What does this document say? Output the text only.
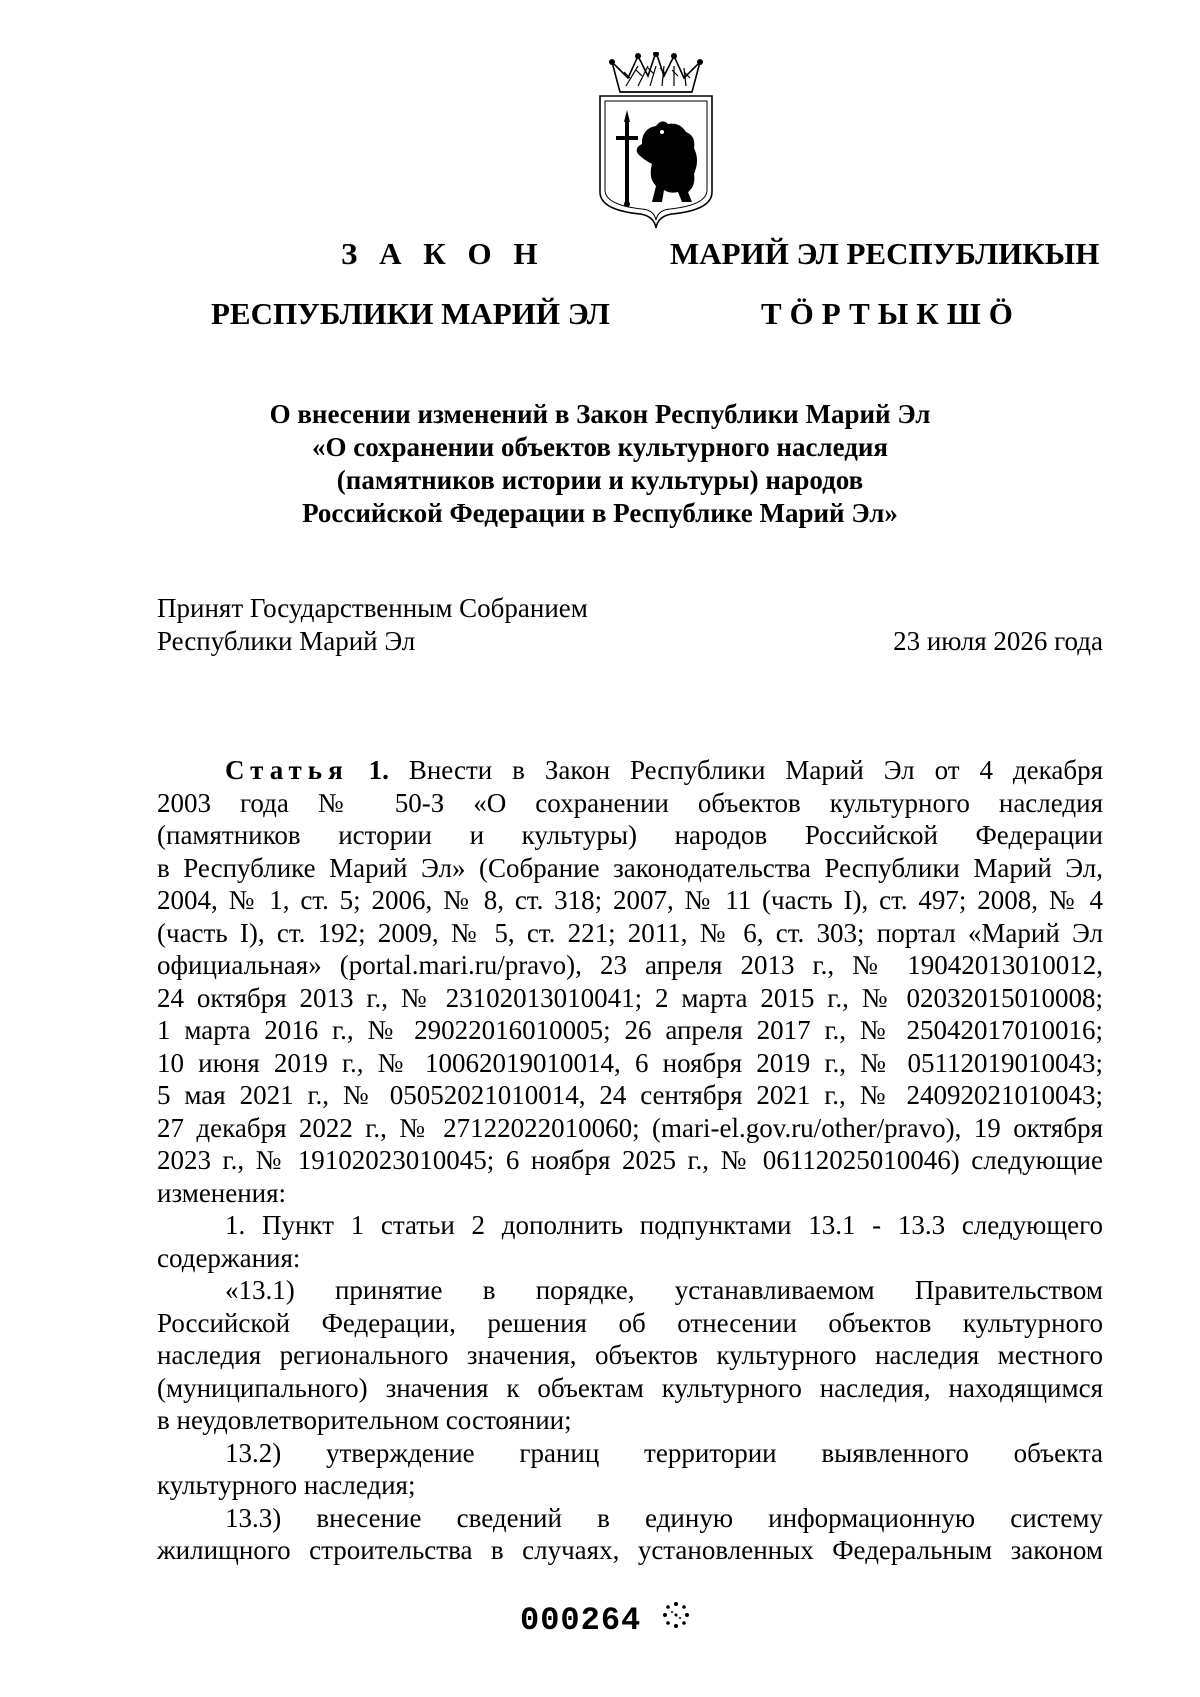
З А К О Н
РЕСПУБЛИКИ МАРИЙ ЭЛ
МАРИЙ ЭЛ РЕСПУБЛИКЫН
ТӦРТЫКШӦ
О внесении изменений в Закон Республики Марий Эл
«О сохранении объектов культурного наследия
(памятников истории и культуры) народов
Российской Федерации в Республике Марий Эл»
Принят Государственным Собранием
Республики Марий Эл	23 июля 2026 года
Статья 1. Внести в Закон Республики Марий Эл от 4 декабря
2003 года № 50-З «О сохранении объектов культурного наследия
(памятников истории и культуры) народов Российской Федерации
в Республике Марий Эл» (Собрание законодательства Республики Марий Эл,
2004, № 1, ст. 5; 2006, № 8, ст. 318; 2007, № 11 (часть I), ст. 497; 2008, № 4
(часть I), ст. 192; 2009, № 5, ст. 221; 2011, № 6, ст. 303; портал «Марий Эл
официальная» (portal.mari.ru/pravo), 23 апреля 2013 г., № 19042013010012,
24 октября 2013 г., № 23102013010041; 2 марта 2015 г., № 02032015010008;
1 марта 2016 г., № 29022016010005; 26 апреля 2017 г., № 25042017010016;
10 июня 2019 г., № 10062019010014, 6 ноября 2019 г., № 05112019010043;
5 мая 2021 г., № 05052021010014, 24 сентября 2021 г., № 24092021010043;
27 декабря 2022 г., № 27122022010060; (mari-el.gov.ru/other/pravo), 19 октября
2023 г., № 19102023010045; 6 ноября 2025 г., № 06112025010046) следующие
изменения:
1. Пункт 1 статьи 2 дополнить подпунктами 13.1 - 13.3 следующего
содержания:
«13.1) принятие в порядке, устанавливаемом Правительством
Российской Федерации, решения об отнесении объектов культурного
наследия регионального значения, объектов культурного наследия местного
(муниципального) значения к объектам культурного наследия, находящимся
в неудовлетворительном состоянии;
13.2) утверждение границ территории выявленного объекта
культурного наследия;
13.3) внесение сведений в единую информационную систему
жилищного строительства в случаях, установленных Федеральным законом
000264
